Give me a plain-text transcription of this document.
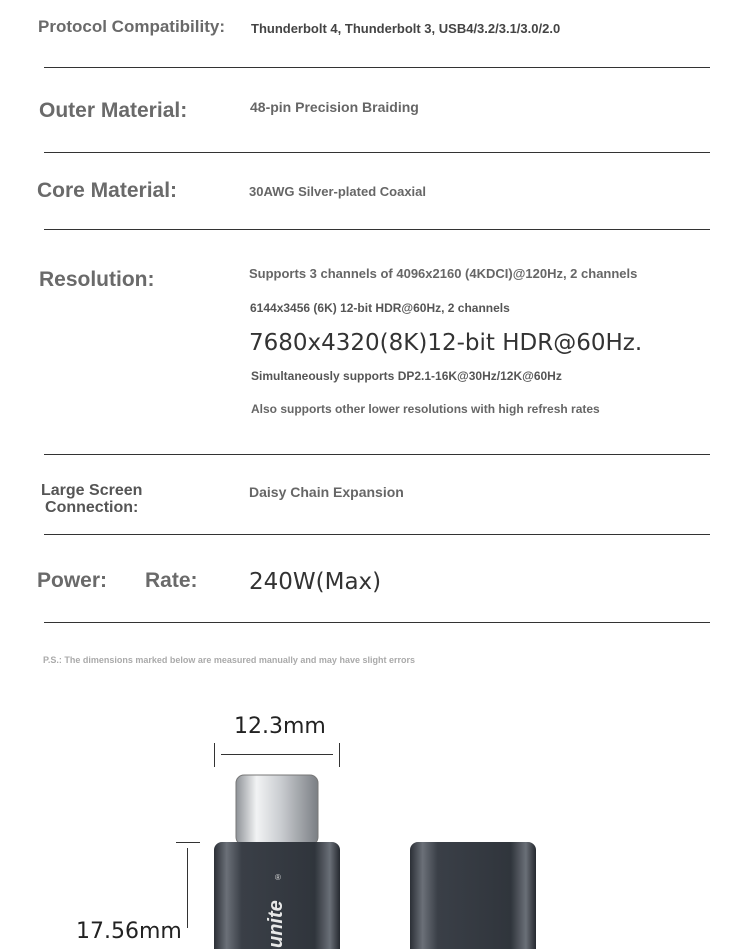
Protocol Compatibility: Thunderbolt 4, Thunderbolt 3, USB4/3.2/3.1/3.0/2.0
Outer Material:	48-pin Precision Braiding
Core Material:	30AWG Silver-plated Coaxial
Resolution:	Supports 3 channels of 4096x2160 (4KDCI)@120Hz, 2 channels
6144x3456 (6K) 12-bit HDR@60Hz, 2 channels
7680x4320(8K)12-bit HDR@60Hz.
Simultaneously supports DP2.1-16K@30Hz/12K@60Hz
Also supports other lower resolutions with high refresh rates
Large Screen
Connection:
Daisy Chain Expansion
Power: Rate: 240W(Max)
P.S.: The dimensions marked below are measured manually and may have slight errors
12.3mm
17.56mm	unite
®
